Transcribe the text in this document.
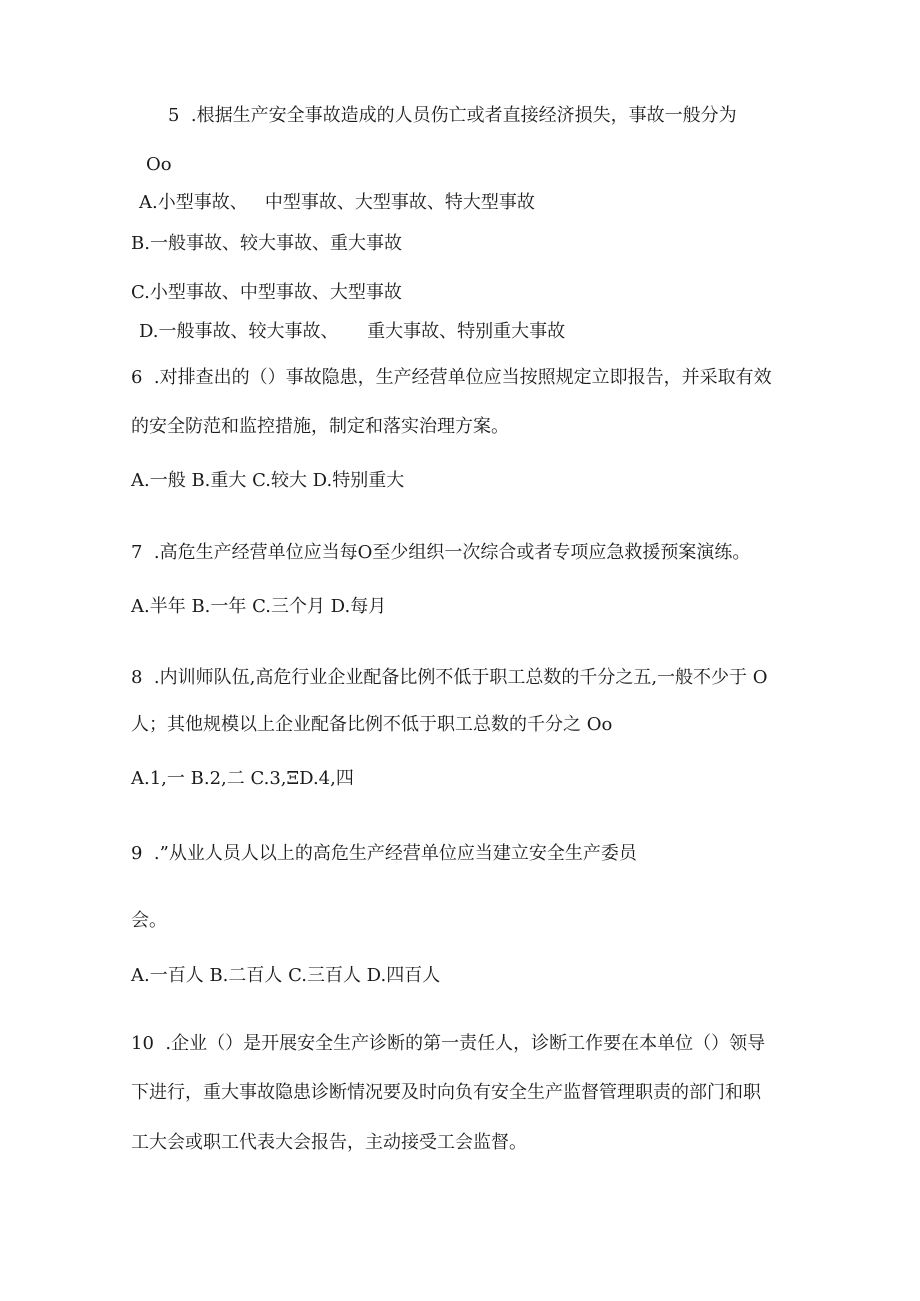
5  .根据生产安全事故造成的人员伤亡或者直接经济损失，事故一般分为
Oo
A.小型事故、   中型事故、大型事故、特大型事故
B.一般事故、较大事故、重大事故
C.小型事故、中型事故、大型事故
D.一般事故、较大事故、     重大事故、特别重大事故
6  .对排查出的（）事故隐患，生产经营单位应当按照规定立即报告，并采取有效
的安全防范和监控措施，制定和落实治理方案。
A.一般 B.重大 C.较大 D.特别重大
7  .高危生产经营单位应当每O至少组织一次综合或者专项应急救援预案演练。
A.半年 B.一年 C.三个月 D.每月
8  .内训师队伍,高危行业企业配备比例不低于职工总数的千分之五,一般不少于 O
人；其他规模以上企业配备比例不低于职工总数的千分之 Oo
A.1,一 B.2,二 C.3,ΞD.4,四
9  .”从业人员人以上的高危生产经营单位应当建立安全生产委员
会。
A.一百人 B.二百人 C.三百人 D.四百人
10  .企业（）是开展安全生产诊断的第一责任人，诊断工作要在本单位（）领导
下进行，重大事故隐患诊断情况要及时向负有安全生产监督管理职责的部门和职
工大会或职工代表大会报告，主动接受工会监督。
